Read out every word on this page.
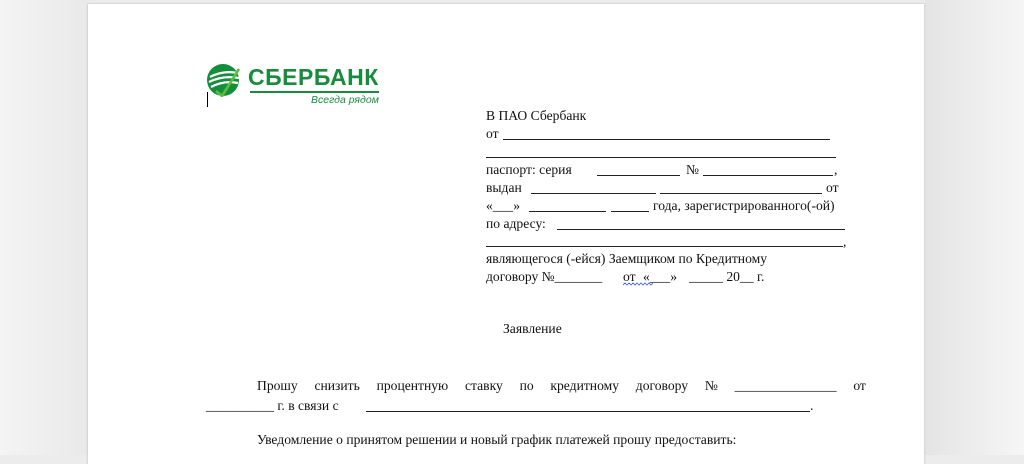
СБЕРБАНК
Всегда рядом
В ПАО Сбербанк
от
паспорт: серия	№	,
выдан	от
«___»	года, зарегистрированного(-ой)
по адресу:
,
являющегося (-ейся) Заемщиком по Кредитному
договору №_______ от «___» _____ 20__ г.
Заявление
Прошу снизить процентную ставку по кредитному договору № _______________ от
__________ г. в связи с	.
Уведомление о принятом решении и новый график платежей прошу предоставить:
